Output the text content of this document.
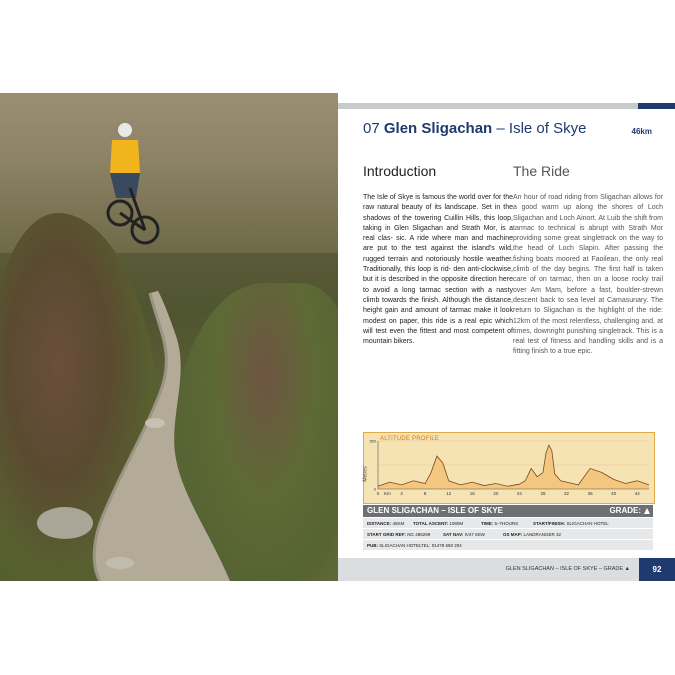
07 Glen Sligachan – Isle of Skye	46km
Introduction
The Isle of Skye is famous the world over for the raw natural beauty of its landscape. Set in the shadows of the towering Cuillin Hills, this loop, taking in Glen Sligachan and Strath Mor, is a real clas- sic. A ride where man and machine are put to the test against the island's wild, rugged terrain and notoriously hostile weather. Traditionally, this loop is rid- den anti-clockwise, but it is described in the opposite direction here to avoid a long tarmac section with a nasty climb towards the finish. Although the distance, height gain and amount of tarmac make it look modest on paper, this ride is a real epic which will test even the fittest and most competent of mountain bikers.
The Ride
An hour of road riding from Sligachan allows for a good warm up along the shores of Loch Sligachan and Loch Ainort. At Luib the shift from tarmac to technical is abrupt with Strath Mor providing some great singletrack on the way to the head of Loch Slapin. After passing the fishing boats moored at Faoilean, the only real climb of the day begins. The first half is taken care of on tarmac, then on a loose rocky trail over Am Mam, before a fast, boulder-strewn descent back to sea level at Camasunary. The return to Sligachan is the highlight of the ride: 12km of the most relentless, challenging and, at times, downright punishing singletrack. This is a real test of fitness and handling skills and is a fitting finish to a true epic.
0	4	8	12	16	20	24	28	32	36	40	44
Km
0
350 ALTITUDE PROFILE
Metres
GLEN SLIGACHAN – ISLE OF SKYE	GRADE:
DISTANCE: 46KM TOTAL ASCENT: 1080M	TIME: 5–7HOURS	START/FINISH: SLIGACHAN HOTEL
START GRID REF: NG 486299	SAT NAV: IV47 8SW	OS MAP: LANDRANGER 32
PUB: SLIGACHAN HOTEL TEL: 01478 650 204
GLEN SLIGACHAN – ISLE OF SKYE – GRADE ▲	92
